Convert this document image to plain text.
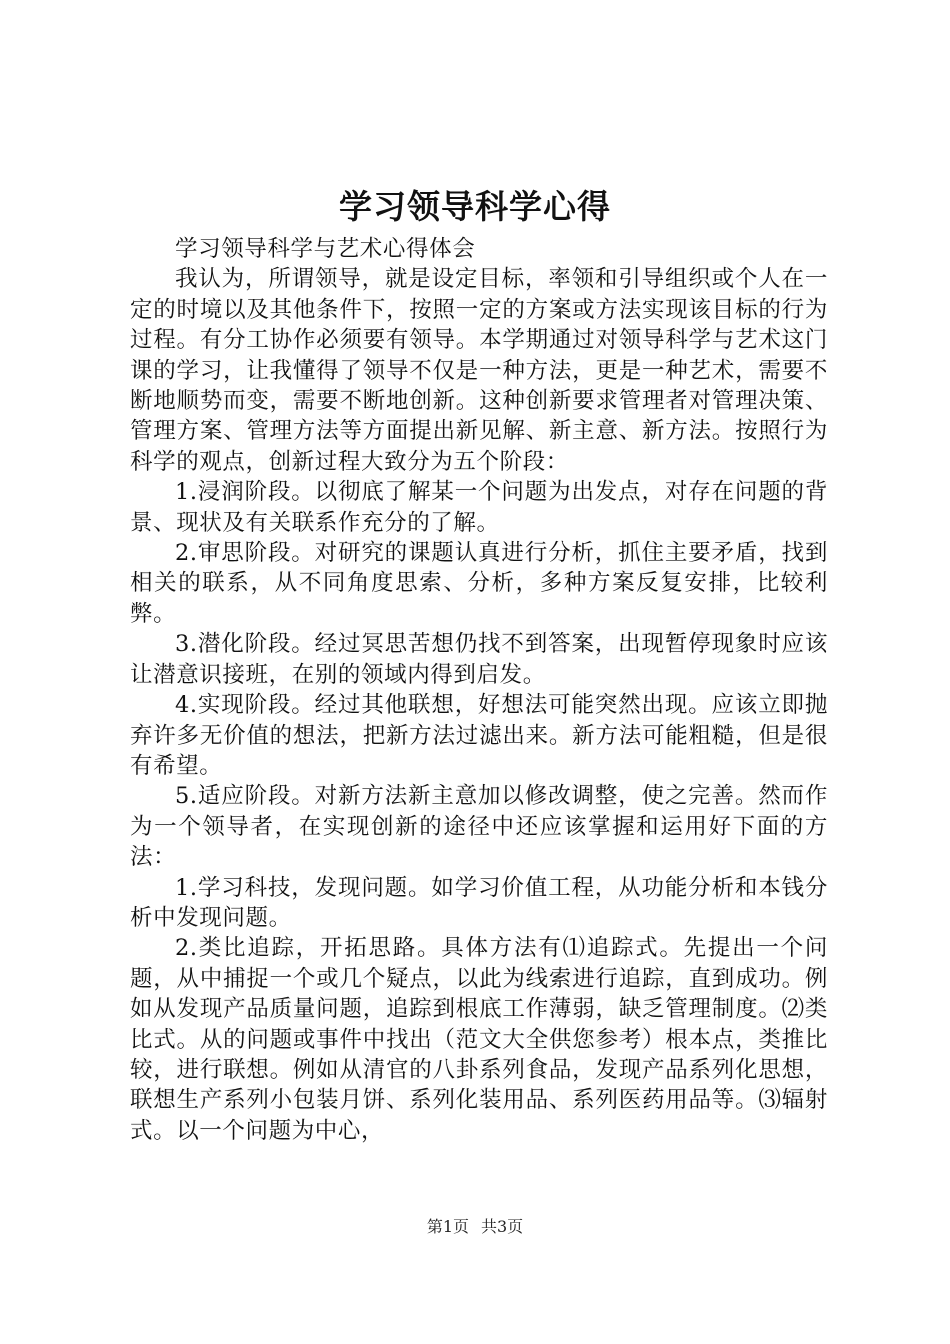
学习领导科学心得

学习领导科学与艺术心得体会

我认为，所谓领导，就是设定目标，率领和引导组织或个人在一定的时境以及其他条件下，按照一定的方案或方法实现该目标的行为过程。有分工协作必须要有领导。本学期通过对领导科学与艺术这门课的学习，让我懂得了领导不仅是一种方法，更是一种艺术，需要不断地顺势而变，需要不断地创新。这种创新要求管理者对管理决策、管理方案、管理方法等方面提出新见解、新主意、新方法。按照行为科学的观点，创新过程大致分为五个阶段：

1.浸润阶段。以彻底了解某一个问题为出发点，对存在问题的背景、现状及有关联系作充分的了解。

2.审思阶段。对研究的课题认真进行分析，抓住主要矛盾，找到相关的联系，从不同角度思索、分析，多种方案反复安排，比较利弊。

3.潜化阶段。经过冥思苦想仍找不到答案，出现暂停现象时应该让潜意识接班，在别的领域内得到启发。

4.实现阶段。经过其他联想，好想法可能突然出现。应该立即抛弃许多无价值的想法，把新方法过滤出来。新方法可能粗糙，但是很有希望。

5.适应阶段。对新方法新主意加以修改调整，使之完善。然而作为一个领导者，在实现创新的途径中还应该掌握和运用好下面的方法：

1.学习科技，发现问题。如学习价值工程，从功能分析和本钱分析中发现问题。

2.类比追踪，开拓思路。具体方法有⑴追踪式。先提出一个问题，从中捕捉一个或几个疑点，以此为线索进行追踪，直到成功。例如从发现产品质量问题，追踪到根底工作薄弱，缺乏管理制度。⑵类比式。从的问题或事件中找出（范文大全供您参考）根本点，类推比较，进行联想。例如从清官的八卦系列食品，发现产品系列化思想，联想生产系列小包装月饼、系列化装用品、系列医药用品等。⑶辐射式。以一个问题为中心，

第1页 共3页
